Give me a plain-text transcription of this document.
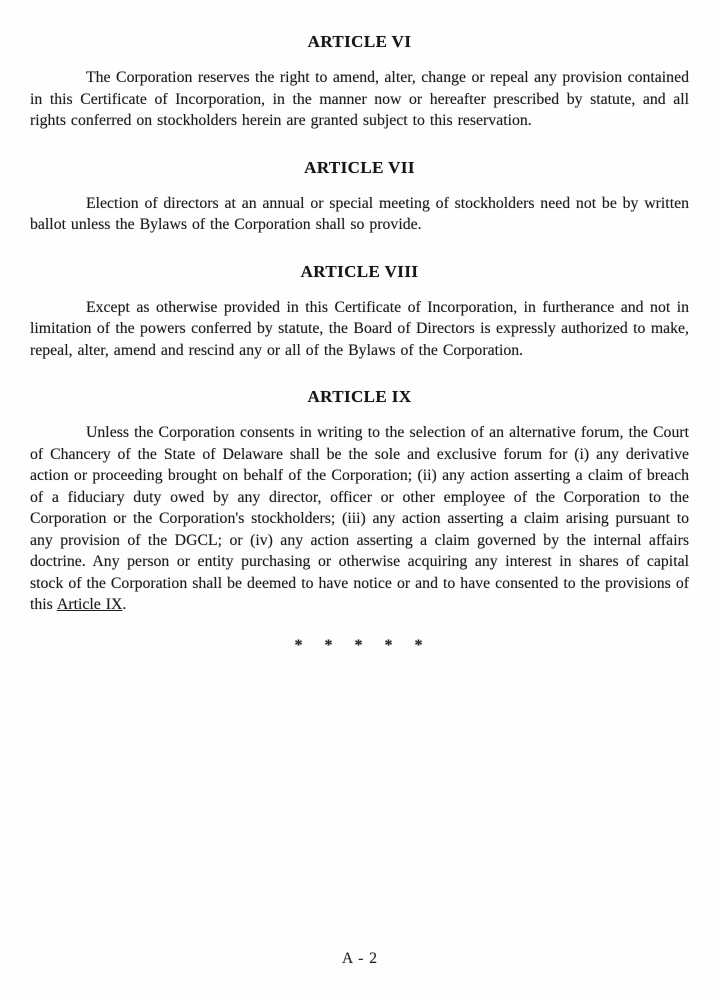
ARTICLE VI

The Corporation reserves the right to amend, alter, change or repeal any provision contained in this Certificate of Incorporation, in the manner now or hereafter prescribed by statute, and all rights conferred on stockholders herein are granted subject to this reservation.

ARTICLE VII

Election of directors at an annual or special meeting of stockholders need not be by written ballot unless the Bylaws of the Corporation shall so provide.

ARTICLE VIII

Except as otherwise provided in this Certificate of Incorporation, in furtherance and not in limitation of the powers conferred by statute, the Board of Directors is expressly authorized to make, repeal, alter, amend and rescind any or all of the Bylaws of the Corporation.

ARTICLE IX

Unless the Corporation consents in writing to the selection of an alternative forum, the Court of Chancery of the State of Delaware shall be the sole and exclusive forum for (i) any derivative action or proceeding brought on behalf of the Corporation; (ii) any action asserting a claim of breach of a fiduciary duty owed by any director, officer or other employee of the Corporation to the Corporation or the Corporation's stockholders; (iii) any action asserting a claim arising pursuant to any provision of the DGCL; or (iv) any action asserting a claim governed by the internal affairs doctrine. Any person or entity purchasing or otherwise acquiring any interest in shares of capital stock of the Corporation shall be deemed to have notice or and to have consented to the provisions of this Article IX.

* * * * *
A - 2
